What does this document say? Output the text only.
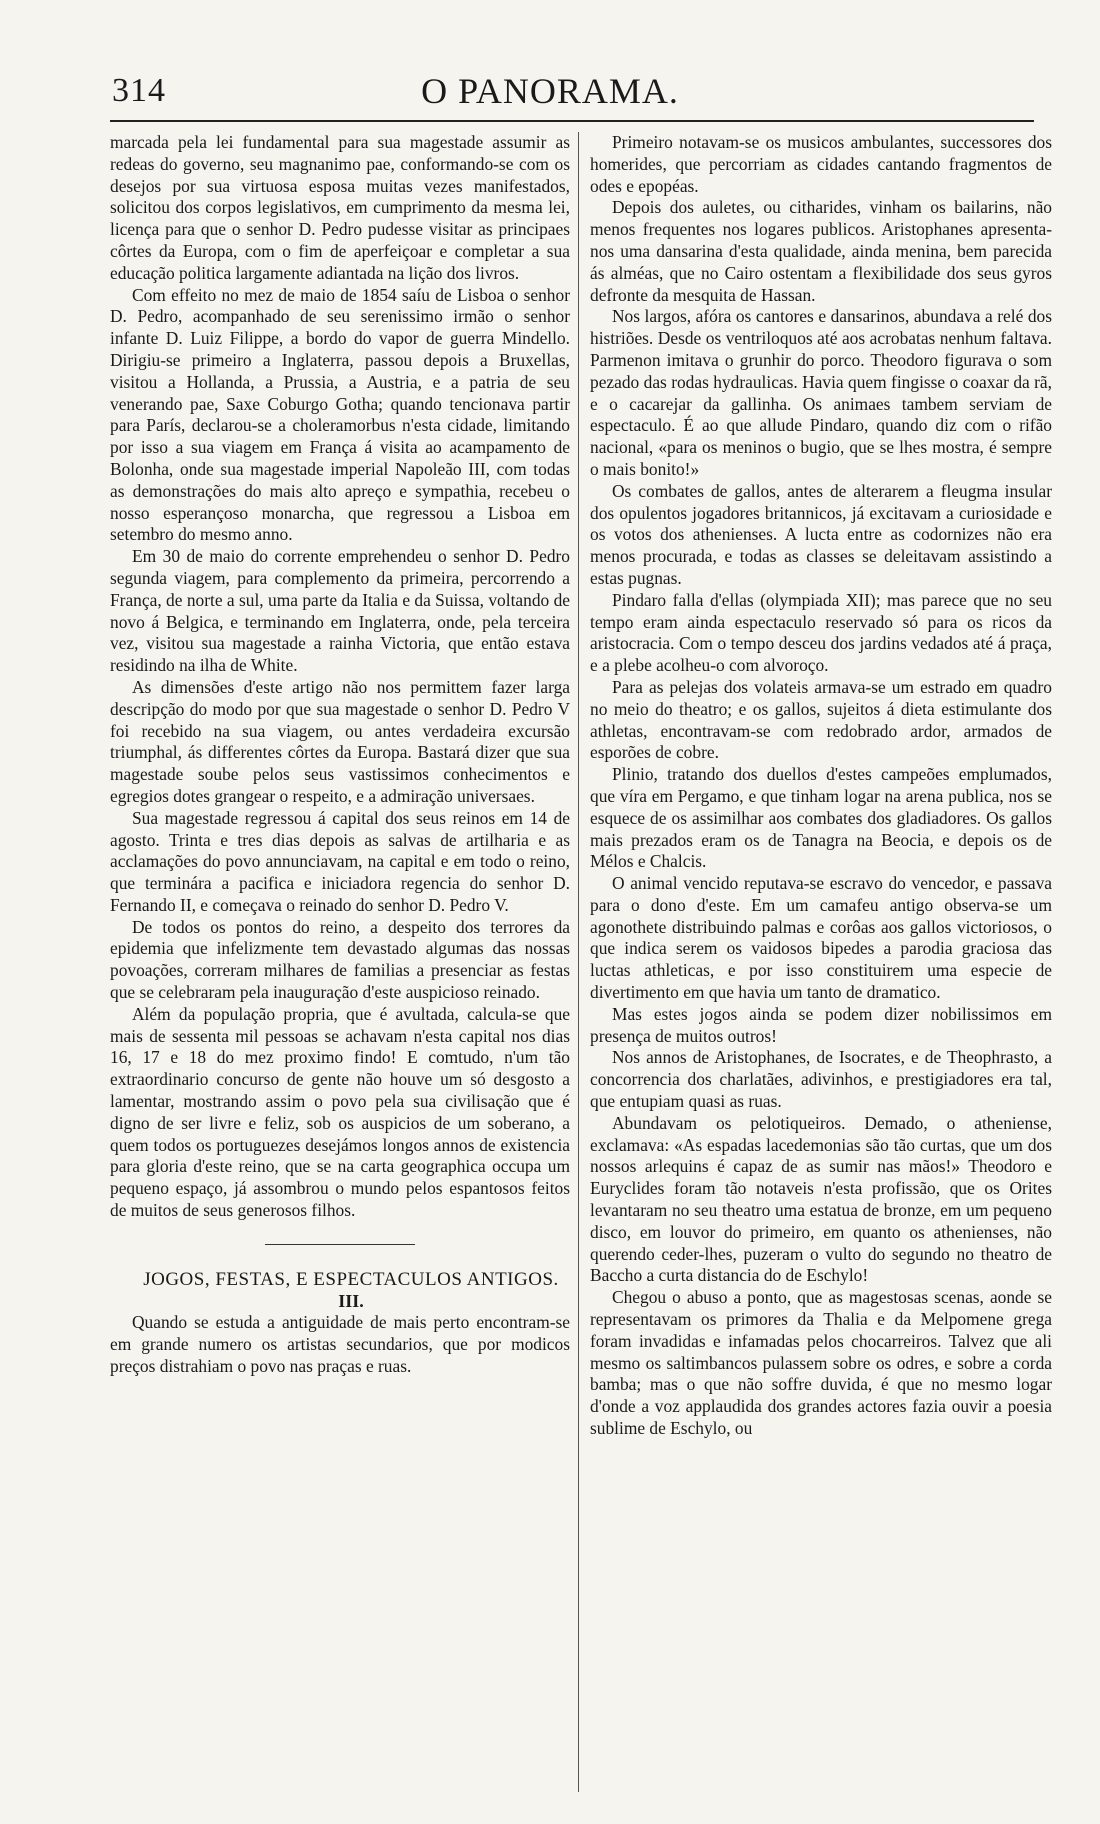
314	O PANORAMA.

marcada pela lei fundamental para sua magestade assumir as redeas do governo, seu magnanimo pae, conformando-se com os desejos por sua virtuosa esposa muitas vezes manifestados, solicitou dos corpos legislativos, em cumprimento da mesma lei, licença para que o senhor D. Pedro pudesse visitar as principaes côrtes da Europa, com o fim de aperfeiçoar e completar a sua educação politica largamente adiantada na lição dos livros.

Com effeito no mez de maio de 1854 saíu de Lisboa o senhor D. Pedro, acompanhado de seu serenissimo irmão o senhor infante D. Luiz Filippe, a bordo do vapor de guerra Mindello. Dirigiu-se primeiro a Inglaterra, passou depois a Bruxellas, visitou a Hollanda, a Prussia, a Austria, e a patria de seu venerando pae, Saxe Coburgo Gotha; quando tencionava partir para París, declarou-se a choleramorbus n'esta cidade, limitando por isso a sua viagem em França á visita ao acampamento de Bolonha, onde sua magestade imperial Napoleão III, com todas as demonstrações do mais alto apreço e sympathia, recebeu o nosso esperançoso monarcha, que regressou a Lisboa em setembro do mesmo anno.

Em 30 de maio do corrente emprehendeu o senhor D. Pedro segunda viagem, para complemento da primeira, percorrendo a França, de norte a sul, uma parte da Italia e da Suissa, voltando de novo á Belgica, e terminando em Inglaterra, onde, pela terceira vez, visitou sua magestade a rainha Victoria, que então estava residindo na ilha de White.

As dimensões d'este artigo não nos permittem fazer larga descripção do modo por que sua magestade o senhor D. Pedro V foi recebido na sua viagem, ou antes verdadeira excursão triumphal, ás differentes côrtes da Europa. Bastará dizer que sua magestade soube pelos seus vastissimos conhecimentos e egregios dotes grangear o respeito, e a admiração universaes.

Sua magestade regressou á capital dos seus reinos em 14 de agosto. Trinta e tres dias depois as salvas de artilharia e as acclamações do povo annunciavam, na capital e em todo o reino, que terminára a pacifica e iniciadora regencia do senhor D. Fernando II, e começava o reinado do senhor D. Pedro V.

De todos os pontos do reino, a despeito dos terrores da epidemia que infelizmente tem devastado algumas das nossas povoações, correram milhares de familias a presenciar as festas que se celebraram pela inauguração d'este auspicioso reinado.

Além da população propria, que é avultada, calcula-se que mais de sessenta mil pessoas se achavam n'esta capital nos dias 16, 17 e 18 do mez proximo findo! E comtudo, n'um tão extraordinario concurso de gente não houve um só desgosto a lamentar, mostrando assim o povo pela sua civilisação que é digno de ser livre e feliz, sob os auspicios de um soberano, a quem todos os portuguezes desejámos longos annos de existencia para gloria d'este reino, que se na carta geographica occupa um pequeno espaço, já assombrou o mundo pelos espantosos feitos de muitos de seus generosos filhos.

JOGOS, FESTAS, E ESPECTACULOS ANTIGOS.

III.

Quando se estuda a antiguidade de mais perto encontram-se em grande numero os artistas secundarios, que por modicos preços distrahiam o povo nas praças e ruas.

Primeiro notavam-se os musicos ambulantes, successores dos homerides, que percorriam as cidades cantando fragmentos de odes e epopéas.

Depois dos auletes, ou citharides, vinham os bailarins, não menos frequentes nos logares publicos. Aristophanes apresenta-nos uma dansarina d'esta qualidade, ainda menina, bem parecida ás alméas, que no Cairo ostentam a flexibilidade dos seus gyros defronte da mesquita de Hassan.

Nos largos, afóra os cantores e dansarinos, abundava a relé dos histriões. Desde os ventriloquos até aos acrobatas nenhum faltava. Parmenon imitava o grunhir do porco. Theodoro figurava o som pezado das rodas hydraulicas. Havia quem fingisse o coaxar da rã, e o cacarejar da gallinha. Os animaes tambem serviam de espectaculo. É ao que allude Pindaro, quando diz com o rifão nacional, «para os meninos o bugio, que se lhes mostra, é sempre o mais bonito!»

Os combates de gallos, antes de alterarem a fleugma insular dos opulentos jogadores britannicos, já excitavam a curiosidade e os votos dos athenienses. A lucta entre as codornizes não era menos procurada, e todas as classes se deleitavam assistindo a estas pugnas.

Pindaro falla d'ellas (olympiada XII); mas parece que no seu tempo eram ainda espectaculo reservado só para os ricos da aristocracia. Com o tempo desceu dos jardins vedados até á praça, e a plebe acolheu-o com alvoroço.

Para as pelejas dos volateis armava-se um estrado em quadro no meio do theatro; e os gallos, sujeitos á dieta estimulante dos athletas, encontravam-se com redobrado ardor, armados de esporões de cobre.

Plinio, tratando dos duellos d'estes campeões emplumados, que víra em Pergamo, e que tinham logar na arena publica, nos se esquece de os assimilhar aos combates dos gladiadores. Os gallos mais prezados eram os de Tanagra na Beocia, e depois os de Mélos e Chalcis.

O animal vencido reputava-se escravo do vencedor, e passava para o dono d'este. Em um camafeu antigo observa-se um agonothete distribuindo palmas e corôas aos gallos victoriosos, o que indica serem os vaidosos bipedes a parodia graciosa das luctas athleticas, e por isso constituirem uma especie de divertimento em que havia um tanto de dramatico.

Mas estes jogos ainda se podem dizer nobilissimos em presença de muitos outros!

Nos annos de Aristophanes, de Isocrates, e de Theophrasto, a concorrencia dos charlatães, adivinhos, e prestigiadores era tal, que entupiam quasi as ruas.

Abundavam os pelotiqueiros. Demado, o atheniense, exclamava: «As espadas lacedemonias são tão curtas, que um dos nossos arlequins é capaz de as sumir nas mãos!» Theodoro e Euryclides foram tão notaveis n'esta profissão, que os Orites levantaram no seu theatro uma estatua de bronze, em um pequeno disco, em louvor do primeiro, em quanto os athenienses, não querendo ceder-lhes, puzeram o vulto do segundo no theatro de Baccho a curta distancia do de Eschylo!

Chegou o abuso a ponto, que as magestosas scenas, aonde se representavam os primores da Thalia e da Melpomene grega foram invadidas e infamadas pelos chocarreiros. Talvez que ali mesmo os saltimbancos pulassem sobre os odres, e sobre a corda bamba; mas o que não soffre duvida, é que no mesmo logar d'onde a voz applaudida dos grandes actores fazia ouvir a poesia sublime de Eschylo, ou
